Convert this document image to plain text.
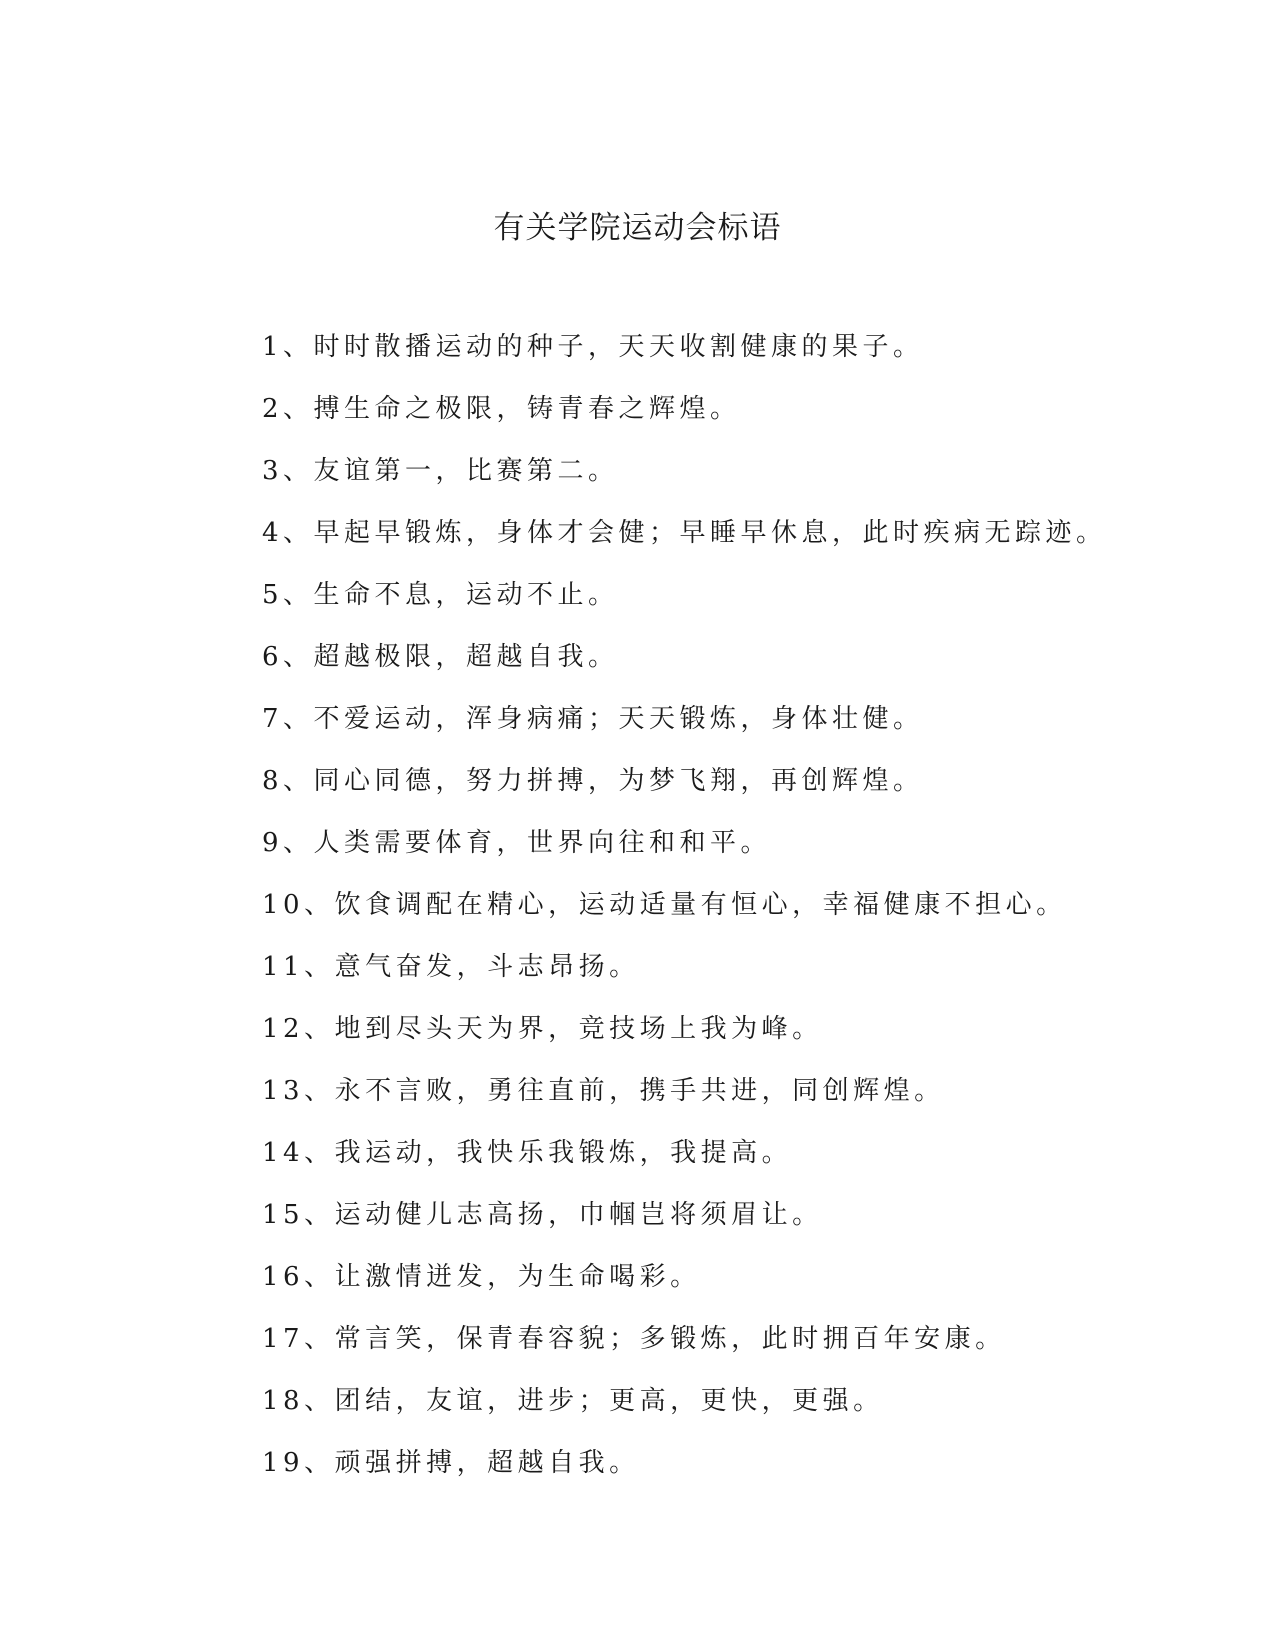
有关学院运动会标语
1、时时散播运动的种子，天天收割健康的果子。
2、搏生命之极限，铸青春之辉煌。
3、友谊第一，比赛第二。
4、早起早锻炼，身体才会健；早睡早休息，此时疾病无踪迹。
5、生命不息，运动不止。
6、超越极限，超越自我。
7、不爱运动，浑身病痛；天天锻炼，身体壮健。
8、同心同德，努力拼搏，为梦飞翔，再创辉煌。
9、人类需要体育，世界向往和和平。
10、饮食调配在精心，运动适量有恒心，幸福健康不担心。
11、意气奋发，斗志昂扬。
12、地到尽头天为界，竞技场上我为峰。
13、永不言败，勇往直前，携手共进，同创辉煌。
14、我运动，我快乐我锻炼，我提高。
15、运动健儿志高扬，巾帼岂将须眉让。
16、让激情迸发，为生命喝彩。
17、常言笑，保青春容貌；多锻炼，此时拥百年安康。
18、团结，友谊，进步；更高，更快，更强。
19、顽强拼搏，超越自我。
